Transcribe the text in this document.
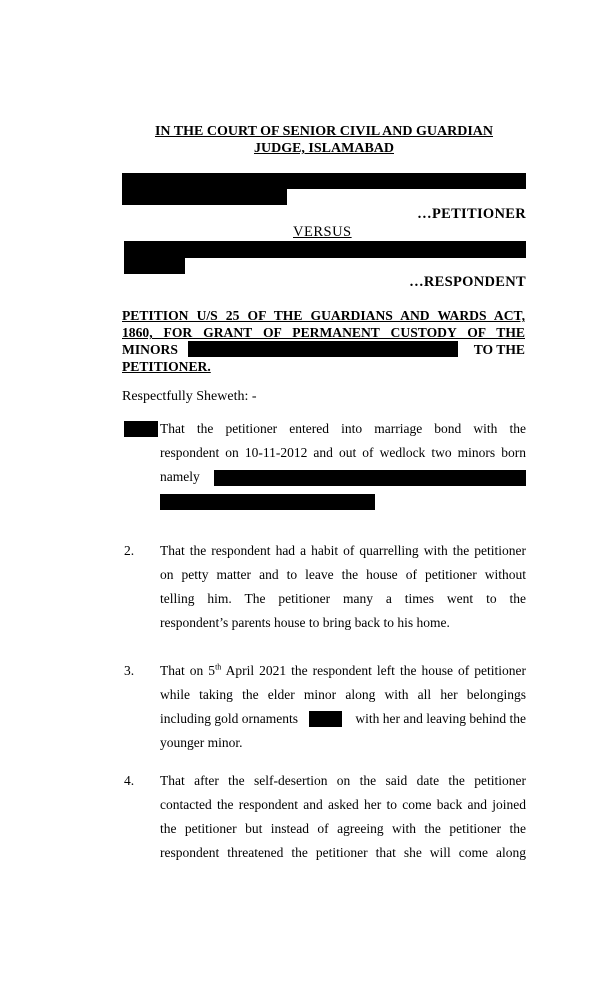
IN THE COURT OF SENIOR CIVIL AND GUARDIAN
JUDGE, ISLAMABAD
…PETITIONER
VERSUS
…RESPONDENT
PETITION U/S 25 OF THE GUARDIANS AND WARDS ACT,
1860, FOR GRANT OF PERMANENT CUSTODY OF THE
MINORS	TO THE
PETITIONER.
Respectfully Sheweth: -
That the petitioner entered into marriage bond with the
respondent on 10-11-2012 and out of wedlock two minors born
namely
2. That the respondent had a habit of quarrelling with the petitioner
on petty matter and to leave the house of petitioner without
telling him. The petitioner many a times went to the
respondent’s parents house to bring back to his home.
3. That on 5th April 2021 the respondent left the house of petitioner
while taking the elder minor along with all her belongings
including gold ornaments	with her and leaving behind the
younger minor.
4. That after the self-desertion on the said date the petitioner
contacted the respondent and asked her to come back and joined
the petitioner but instead of agreeing with the petitioner the
respondent threatened the petitioner that she will come along
